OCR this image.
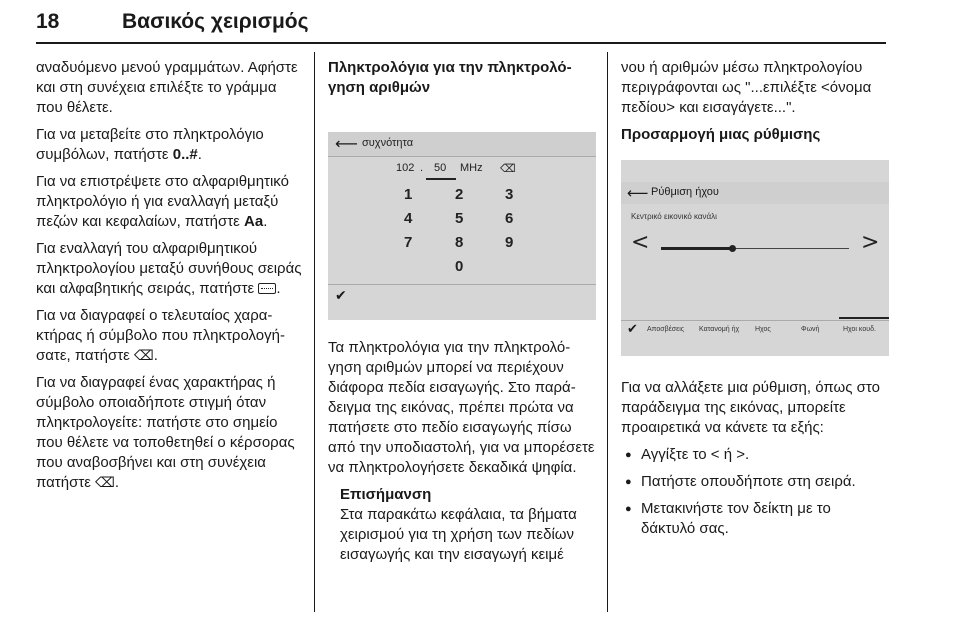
18	Βασικός χειρισμός

αναδυόμενο μενού γραμμάτων. Αφήστε και στη συνέχεια επιλέξτε το γράμμα που θέλετε.

Για να μεταβείτε στο πληκτρολόγιο συμβόλων, πατήστε 0..#.

Για να επιστρέψετε στο αλφαριθμητικό πληκτρολόγιο ή για εναλλαγή μεταξύ πεζών και κεφαλαίων, πατήστε Aa.

Για εναλλαγή του αλφαριθμητικού πληκτρολογίου μεταξύ συνήθους σειράς και αλφαβητικής σειράς, πατήστε .

Για να διαγραφεί ο τελευταίος χαρακτήρας ή σύμβολο που πληκτρολογήσατε, πατήστε ⌫.

Για να διαγραφεί ένας χαρακτήρας ή σύμβολο οποιαδήποτε στιγμή όταν πληκτρολογείτε: πατήστε στο σημείο που θέλετε να τοποθετηθεί ο κέρσορας που αναβοσβήνει και στη συνέχεια πατήστε ⌫.

Πληκτρολόγια για την πληκτρολόγηση αριθμών

⟵ συχνότητα
102 . 50 MHz ⌫
1	2	3
4	5	6
7	8	9
0
✔

Τα πληκτρολόγια για την πληκτρολόγηση αριθμών μπορεί να περιέχουν διάφορα πεδία εισαγωγής. Στο παράδειγμα της εικόνας, πρέπει πρώτα να πατήσετε στο πεδίο εισαγωγής πίσω από την υποδιαστολή, για να μπορέσετε να πληκτρολογήσετε δεκαδικά ψηφία.

Επισήμανση
Στα παρακάτω κεφάλαια, τα βήματα χειρισμού για τη χρήση των πεδίων εισαγωγής και την εισαγωγή κειμέ

νου ή αριθμών μέσω πληκτρολογίου περιγράφονται ως "...επιλέξτε <όνομα πεδίου> και εισαγάγετε...".

Προσαρμογή μιας ρύθμισης

⟵ Ρύθμιση ήχου
Κεντρικό εικονικό κανάλι
<	>
✔ Αποσβέσεις Κατανομή ήχ Ηχος	Φωνή	Ηχοι κουδ.

Για να αλλάξετε μια ρύθμιση, όπως στο παράδειγμα της εικόνας, μπορείτε προαιρετικά να κάνετε τα εξής:

● Αγγίξτε το < ή >.
● Πατήστε οπουδήποτε στη σειρά.
● Μετακινήστε τον δείκτη με το δάκτυλό σας.
